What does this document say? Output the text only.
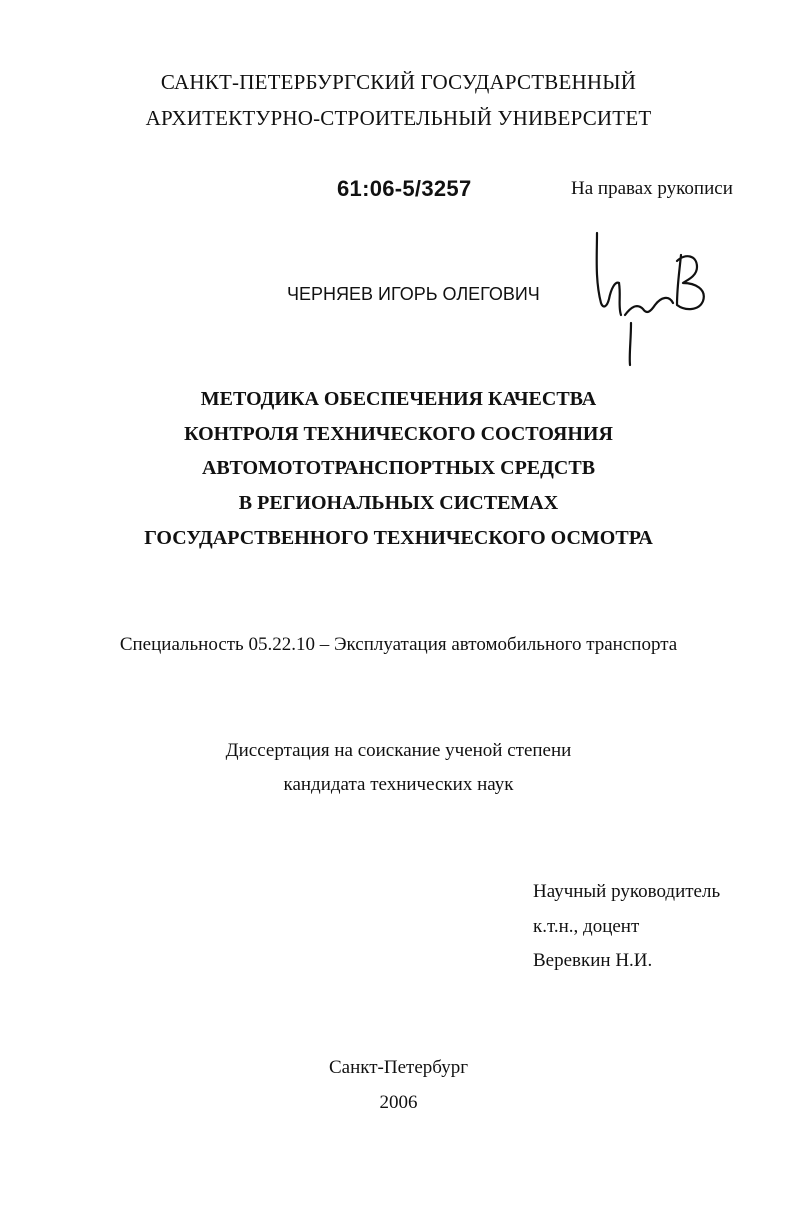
САНКТ-ПЕТЕРБУРГСКИЙ ГОСУДАРСТВЕННЫЙ
АРХИТЕКТУРНО-СТРОИТЕЛЬНЫЙ УНИВЕРСИТЕТ
61:06-5/3257	На правах рукописи
ЧЕРНЯЕВ ИГОРЬ ОЛЕГОВИЧ
МЕТОДИКА ОБЕСПЕЧЕНИЯ КАЧЕСТВА
КОНТРОЛЯ ТЕХНИЧЕСКОГО СОСТОЯНИЯ
АВТОМОТОТРАНСПОРТНЫХ СРЕДСТВ
В РЕГИОНАЛЬНЫХ СИСТЕМАХ
ГОСУДАРСТВЕННОГО ТЕХНИЧЕСКОГО ОСМОТРА
Специальность 05.22.10 – Эксплуатация автомобильного транспорта
Диссертация на соискание ученой степени
кандидата технических наук
Научный руководитель
к.т.н., доцент
Веревкин Н.И.
Санкт-Петербург
2006
